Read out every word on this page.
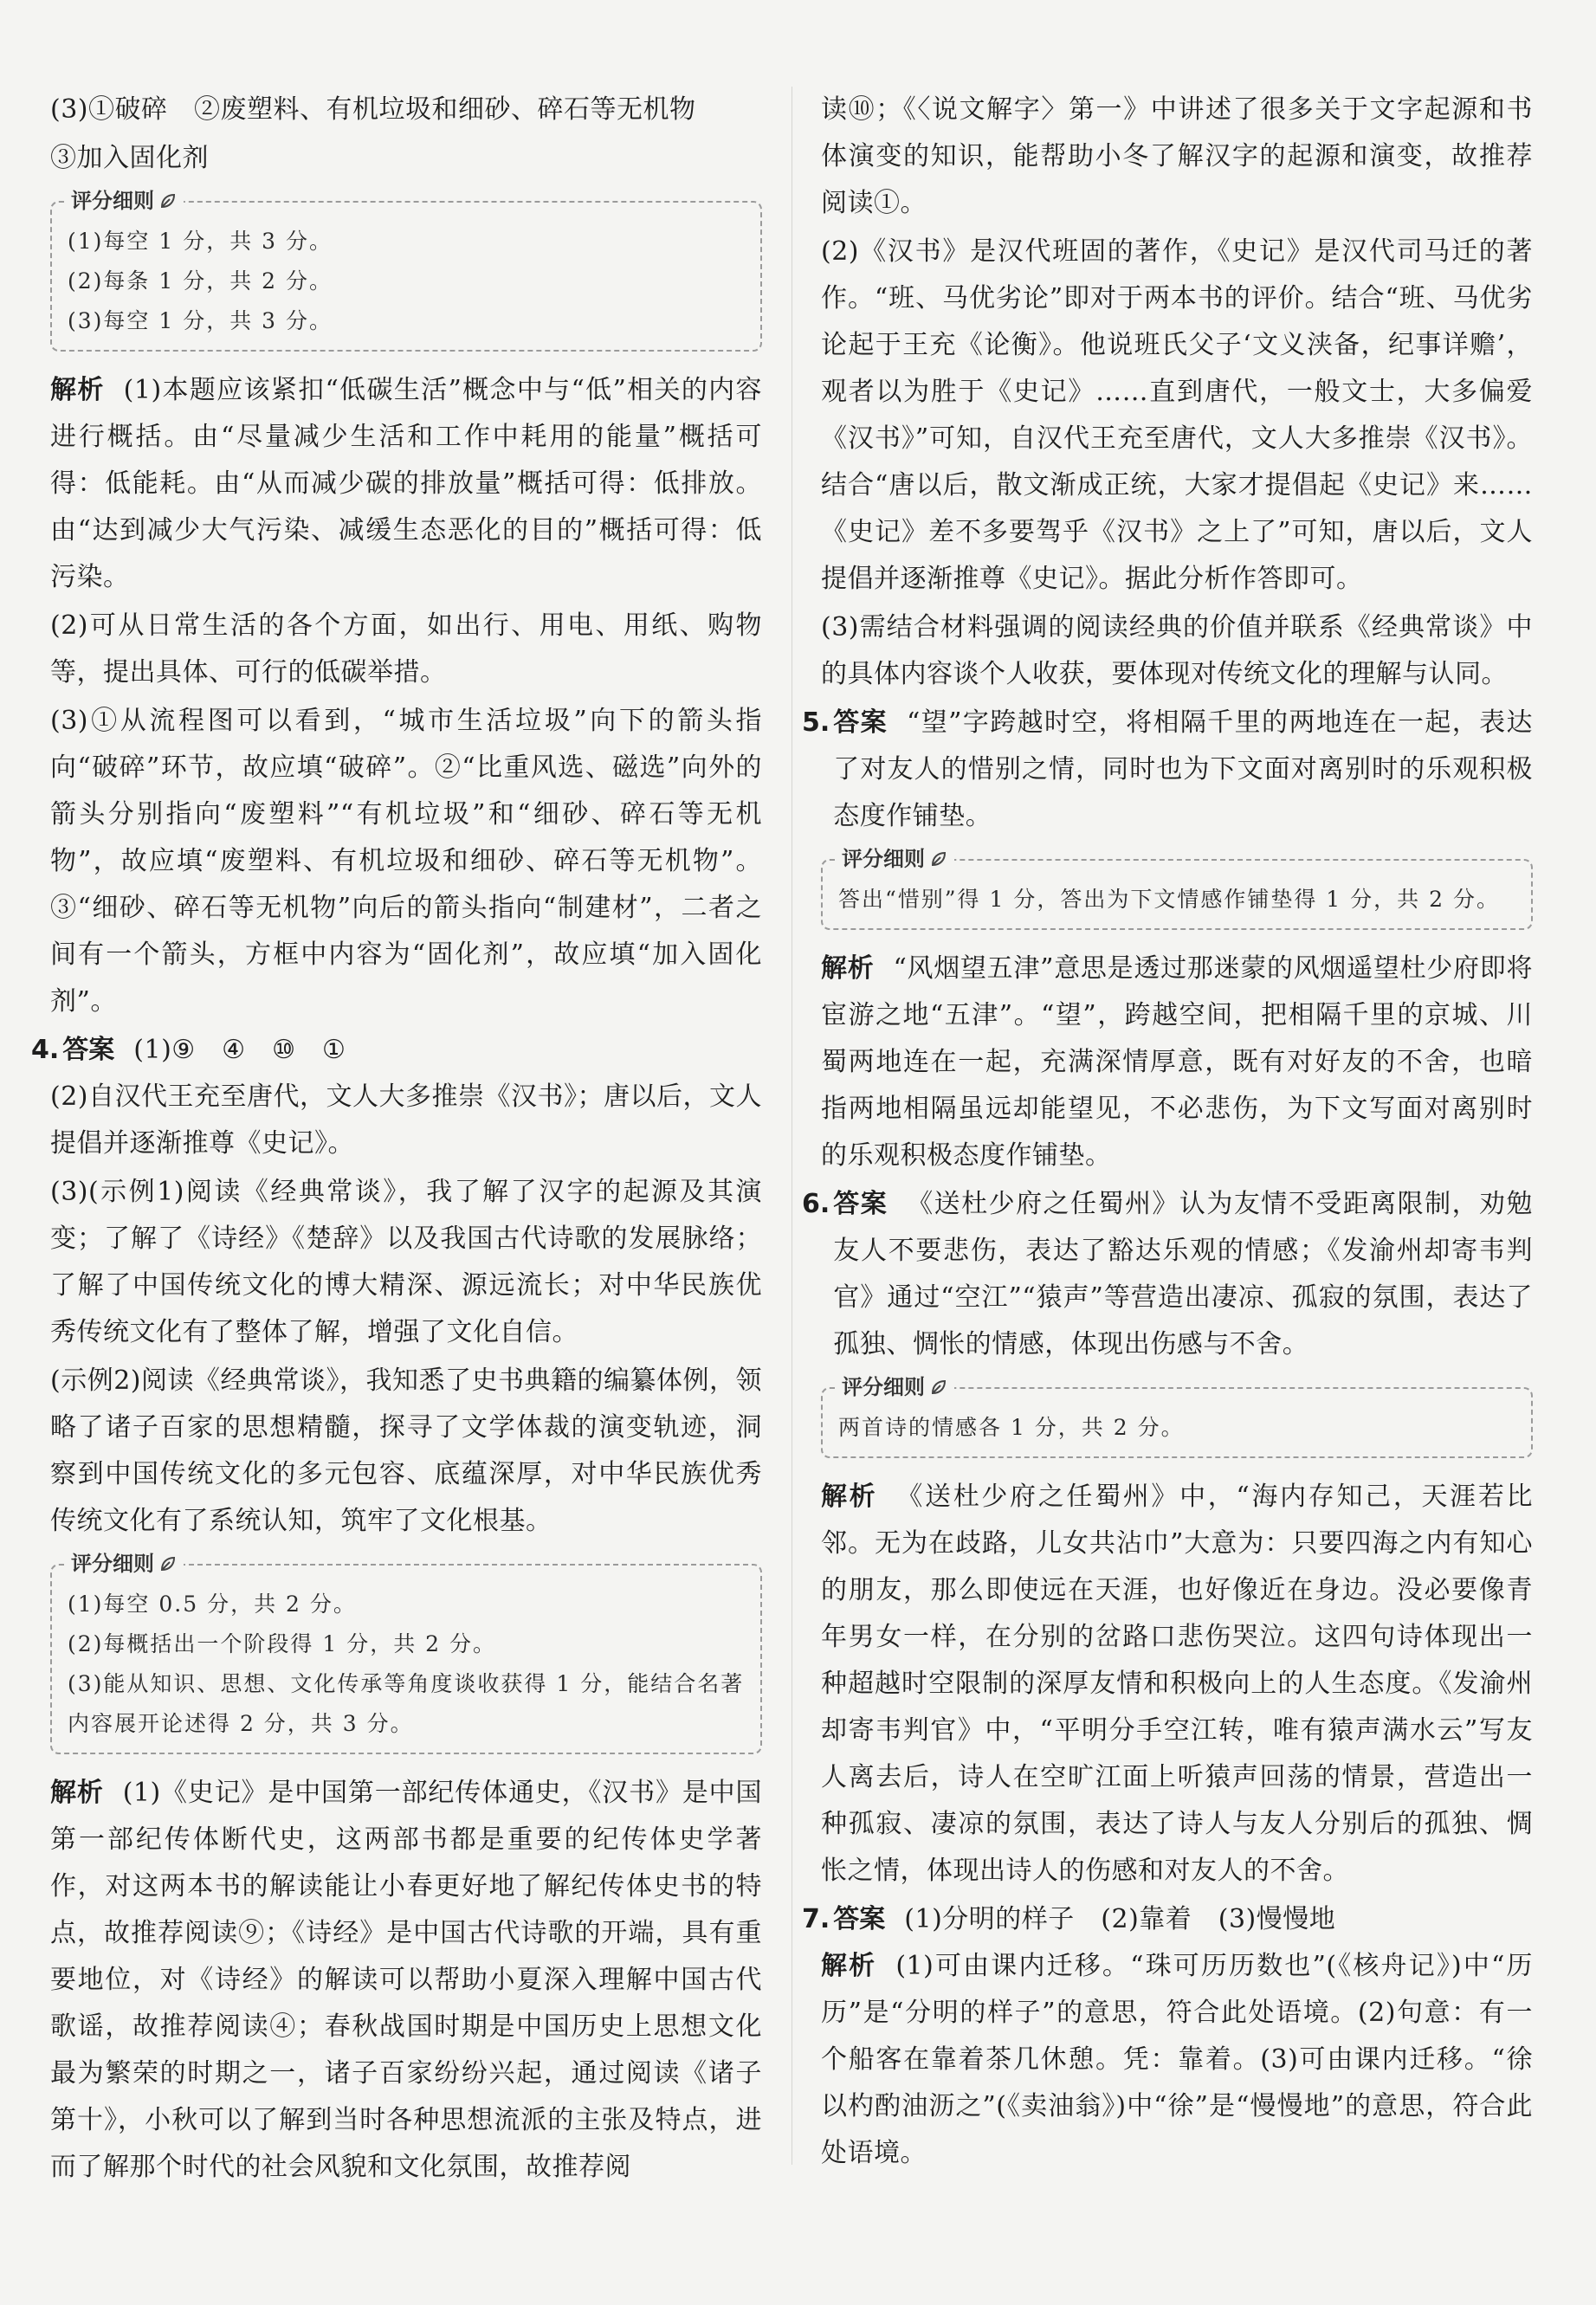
(3)①破碎　②废塑料、有机垃圾和细砂、碎石等无机物

③加入固化剂

评分细则
(1)每空 1 分，共 3 分。
(2)每条 1 分，共 2 分。
(3)每空 1 分，共 3 分。

解析 (1)本题应该紧扣“低碳生活”概念中与“低”相关的内容进行概括。由“尽量减少生活和工作中耗用的能量”概括可得：低能耗。由“从而减少碳的排放量”概括可得：低排放。由“达到减少大气污染、减缓生态恶化的目的”概括可得：低污染。

(2)可从日常生活的各个方面，如出行、用电、用纸、购物等，提出具体、可行的低碳举措。

(3)①从流程图可以看到，“城市生活垃圾”向下的箭头指向“破碎”环节，故应填“破碎”。②“比重风选、磁选”向外的箭头分别指向“废塑料”“有机垃圾”和“细砂、碎石等无机物”，故应填“废塑料、有机垃圾和细砂、碎石等无机物”。③“细砂、碎石等无机物”向后的箭头指向“制建材”，二者之间有一个箭头，方框中内容为“固化剂”，故应填“加入固化剂”。

4. 答案 (1)⑨　④　⑩　①

(2)自汉代王充至唐代，文人大多推崇《汉书》；唐以后，文人提倡并逐渐推尊《史记》。

(3)(示例1)阅读《经典常谈》，我了解了汉字的起源及其演变；了解了《诗经》《楚辞》以及我国古代诗歌的发展脉络；了解了中国传统文化的博大精深、源远流长；对中华民族优秀传统文化有了整体了解，增强了文化自信。

(示例2)阅读《经典常谈》，我知悉了史书典籍的编纂体例，领略了诸子百家的思想精髓，探寻了文学体裁的演变轨迹，洞察到中国传统文化的多元包容、底蕴深厚，对中华民族优秀传统文化有了系统认知，筑牢了文化根基。

评分细则
(1)每空 0.5 分，共 2 分。
(2)每概括出一个阶段得 1 分，共 2 分。
(3)能从知识、思想、文化传承等角度谈收获得 1 分，能结合名著内容展开论述得 2 分，共 3 分。

解析 (1)《史记》是中国第一部纪传体通史，《汉书》是中国第一部纪传体断代史，这两部书都是重要的纪传体史学著作，对这两本书的解读能让小春更好地了解纪传体史书的特点，故推荐阅读⑨；《诗经》是中国古代诗歌的开端，具有重要地位，对《诗经》的解读可以帮助小夏深入理解中国古代歌谣，故推荐阅读④；春秋战国时期是中国历史上思想文化最为繁荣的时期之一，诸子百家纷纷兴起，通过阅读《诸子第十》，小秋可以了解到当时各种思想流派的主张及特点，进而了解那个时代的社会风貌和文化氛围，故推荐阅

读⑩；《〈说文解字〉第一》中讲述了很多关于文字起源和书体演变的知识，能帮助小冬了解汉字的起源和演变，故推荐阅读①。

(2)《汉书》是汉代班固的著作，《史记》是汉代司马迁的著作。“班、马优劣论”即对于两本书的评价。结合“班、马优劣论起于王充《论衡》。他说班氏父子‘文义浃备，纪事详赡’，观者以为胜于《史记》……直到唐代，一般文士，大多偏爱《汉书》”可知，自汉代王充至唐代，文人大多推崇《汉书》。结合“唐以后，散文渐成正统，大家才提倡起《史记》来……《史记》差不多要驾乎《汉书》之上了”可知，唐以后，文人提倡并逐渐推尊《史记》。据此分析作答即可。

(3)需结合材料强调的阅读经典的价值并联系《经典常谈》中的具体内容谈个人收获，要体现对传统文化的理解与认同。

5. 答案 “望”字跨越时空，将相隔千里的两地连在一起，表达了对友人的惜别之情，同时也为下文面对离别时的乐观积极态度作铺垫。

评分细则
答出“惜别”得 1 分，答出为下文情感作铺垫得 1 分，共 2 分。

解析 “风烟望五津”意思是透过那迷蒙的风烟遥望杜少府即将宦游之地“五津”。“望”，跨越空间，把相隔千里的京城、川蜀两地连在一起，充满深情厚意，既有对好友的不舍，也暗指两地相隔虽远却能望见，不必悲伤，为下文写面对离别时的乐观积极态度作铺垫。

6. 答案 《送杜少府之任蜀州》认为友情不受距离限制，劝勉友人不要悲伤，表达了豁达乐观的情感；《发渝州却寄韦判官》通过“空江”“猿声”等营造出凄凉、孤寂的氛围，表达了孤独、惆怅的情感，体现出伤感与不舍。

评分细则
两首诗的情感各 1 分，共 2 分。

解析 《送杜少府之任蜀州》中，“海内存知己，天涯若比邻。无为在歧路，儿女共沾巾”大意为：只要四海之内有知心的朋友，那么即使远在天涯，也好像近在身边。没必要像青年男女一样，在分别的岔路口悲伤哭泣。这四句诗体现出一种超越时空限制的深厚友情和积极向上的人生态度。《发渝州却寄韦判官》中，“平明分手空江转，唯有猿声满水云”写友人离去后，诗人在空旷江面上听猿声回荡的情景，营造出一种孤寂、凄凉的氛围，表达了诗人与友人分别后的孤独、惆怅之情，体现出诗人的伤感和对友人的不舍。

7. 答案 (1)分明的样子　(2)靠着　(3)慢慢地

解析 (1)可由课内迁移。“珠可历历数也”(《核舟记》)中“历历”是“分明的样子”的意思，符合此处语境。(2)句意：有一个船客在靠着茶几休憩。凭：靠着。(3)可由课内迁移。“徐以杓酌油沥之”(《卖油翁》)中“徐”是“慢慢地”的意思，符合此处语境。
